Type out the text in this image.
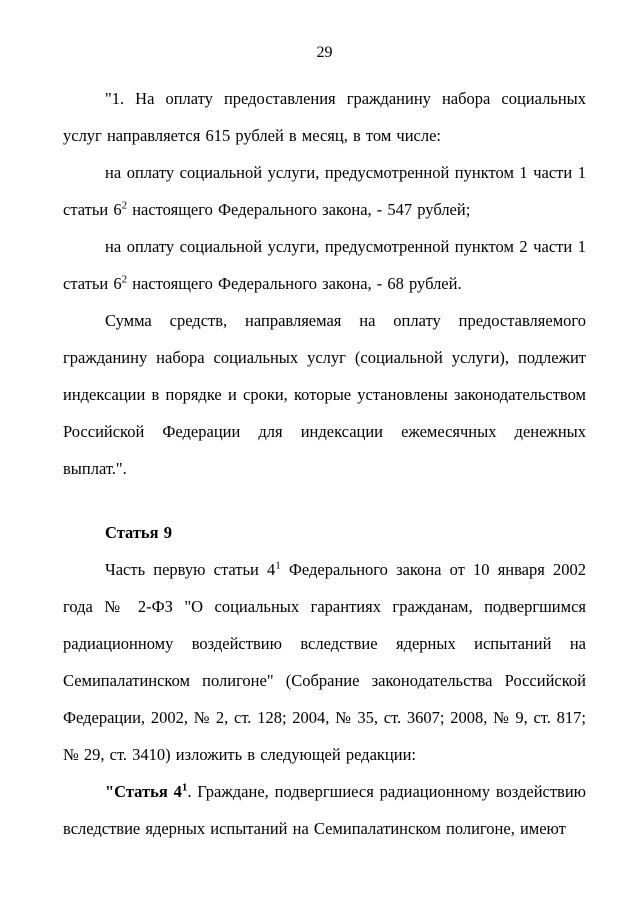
29

"1. На оплату предоставления гражданину набора социальных услуг направляется 615 рублей в месяц, в том числе:

на оплату социальной услуги, предусмотренной пунктом 1 части 1 статьи $6^2$ настоящего Федерального закона, - 547 рублей;

на оплату социальной услуги, предусмотренной пунктом 2 части 1 статьи $6^2$ настоящего Федерального закона, - 68 рублей.

Сумма средств, направляемая на оплату предоставляемого гражданину набора социальных услуг (социальной услуги), подлежит индексации в порядке и сроки, которые установлены законодательством Российской Федерации для индексации ежемесячных денежных выплат.".

Статья 9

Часть первую статьи $4^1$ Федерального закона от 10 января 2002 года № 2-ФЗ "О социальных гарантиях гражданам, подвергшимся радиационному воздействию вследствие ядерных испытаний на Семипалатинском полигоне" (Собрание законодательства Российской Федерации, 2002, № 2, ст. 128; 2004, № 35, ст. 3607; 2008, № 9, ст. 817; № 29, ст. 3410) изложить в следующей редакции:

"Статья $4^1$. Граждане, подвергшиеся радиационному воздействию вследствие ядерных испытаний на Семипалатинском полигоне, имеют
